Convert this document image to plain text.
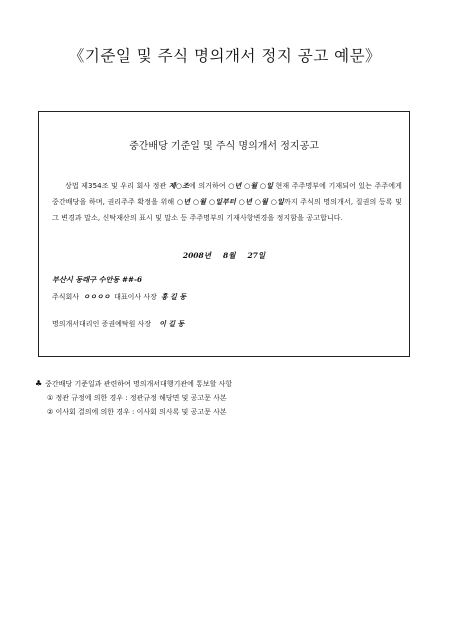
《기준일 및 주식 명의개서 정지 공고 예문》
중간배당 기준일 및 주식 명의개서 정지공고
상법 제354조 및 우리 회사 정관 제○조에 의거하여 ○년 ○월 ○일 현재 주주명부에 기재되어 있는 주주에게 중간배당을 하며, 권리주주 확정을 위해 ○년 ○월 ○일부터 ○년 ○월 ○일까지 주식의 명의개서, 질권의 등록 및 그 변경과 말소, 신탁재산의 표시 및 말소 등 주주명부의 기재사항변경을 정지함을 공고합니다.
2008년 8월 27일
부산시 동래구 수안동 ##-6
주식회사 ㅇㅇㅇㅇ 대표이사 사장 홍 길 동
명의개서대리인 증권예탁원 사장 이 길 동
♣ 중간배당 기준일과 관련하여 명의개서대행기관에 통보할 사항
① 정관 규정에 의한 경우 : 정관규정 해당면 및 공고문 사본
② 이사회 결의에 의한 경우 : 이사회 의사록 및 공고문 사본
